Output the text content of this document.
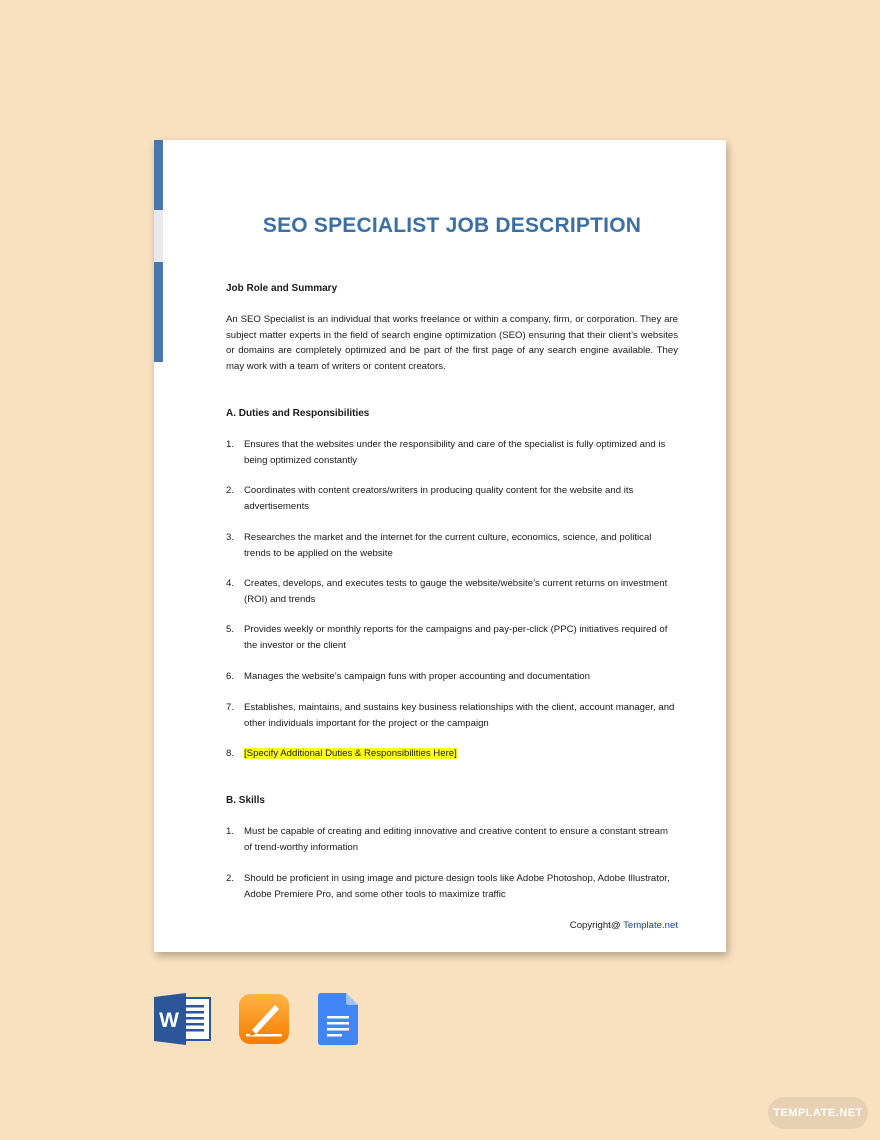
SEO SPECIALIST JOB DESCRIPTION
Job Role and Summary
An SEO Specialist is an individual that works freelance or within a company, firm, or corporation. They are subject matter experts in the field of search engine optimization (SEO) ensuring that their client’s websites or domains are completely optimized and be part of the first page of any search engine available. They may work with a team of writers or content creators.
A. Duties and Responsibilities
1. Ensures that the websites under the responsibility and care of the specialist is fully optimized and is being optimized constantly
2. Coordinates with content creators/writers in producing quality content for the website and its advertisements
3. Researches the market and the internet for the current culture, economics, science, and political trends to be applied on the website
4. Creates, develops, and executes tests to gauge the website/website’s current returns on investment (ROI) and trends
5. Provides weekly or monthly reports for the campaigns and pay-per-click (PPC) initiatives required of the investor or the client
6. Manages the website’s campaign funs with proper accounting and documentation
7. Establishes, maintains, and sustains key business relationships with the client, account manager, and other individuals important for the project or the campaign
8. [Specify Additional Duties & Responsibilities Here]
B. Skills
1. Must be capable of creating and editing innovative and creative content to ensure a constant stream of trend-worthy information
2. Should be proficient in using image and picture design tools like Adobe Photoshop, Adobe Illustrator, Adobe Premiere Pro, and some other tools to maximize traffic
Copyright@ Template.net
W
TEMPLATE.NET
